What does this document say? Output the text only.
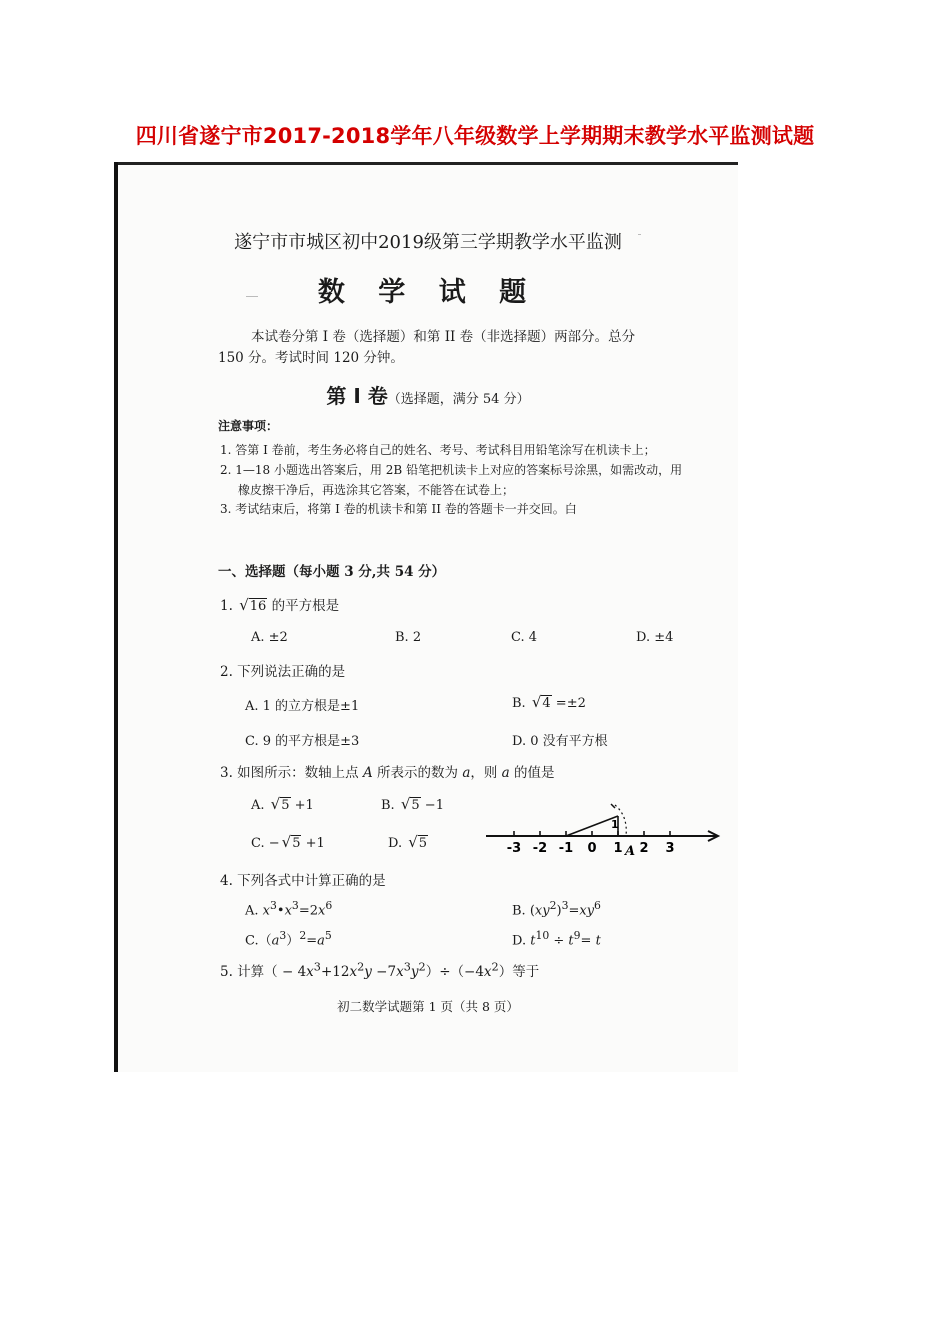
四川省遂宁市2017-2018学年八年级数学上学期期末教学水平监测试题
遂宁市市城区初中2019级第三学期教学水平监测
数 学 试 题
本试卷分第 I 卷（选择题）和第 II 卷（非选择题）两部分。总分
150 分。考试时间 120 分钟。
第 I 卷（选择题，满分 54 分）
注意事项：
1. 答第 I 卷前，考生务必将自己的姓名、考号、考试科目用铅笔涂写在机读卡上；
2. 1—18 小题选出答案后，用 2B 铅笔把机读卡上对应的答案标号涂黑，如需改动，用
橡皮擦干净后，再选涂其它答案，不能答在试卷上；
3. 考试结束后，将第 I 卷的机读卡和第 II 卷的答题卡一并交回。白
一、选择题（每小题 3 分,共 54 分）
1. √16 的平方根是
A. ±2	B. 2	C. 4	D. ±4
2. 下列说法正确的是
A. 1 的立方根是±1	B. √4 =±2
C. 9 的平方根是±3	D. 0 没有平方根
3. 如图所示：数轴上点 A 所表示的数为 a，则 a 的值是
A. √5 +1	B. √5 −1
C. − √5 +1	D. √5	-3 -2 -1 0 1 2 3
1
A
4. 下列各式中计算正确的是
A. $x^3•x^3=2x^6$	B. $(xy^2)^3=xy^6$
$C.(a^3)^2=a^5$	D. $t^{10} \div t^9= t$
5. 计算（ − $4x^3+12x^2y -7x^3y^2)\div(-4x^2)$等于
初二数学试题第 1 页（共 8 页）
